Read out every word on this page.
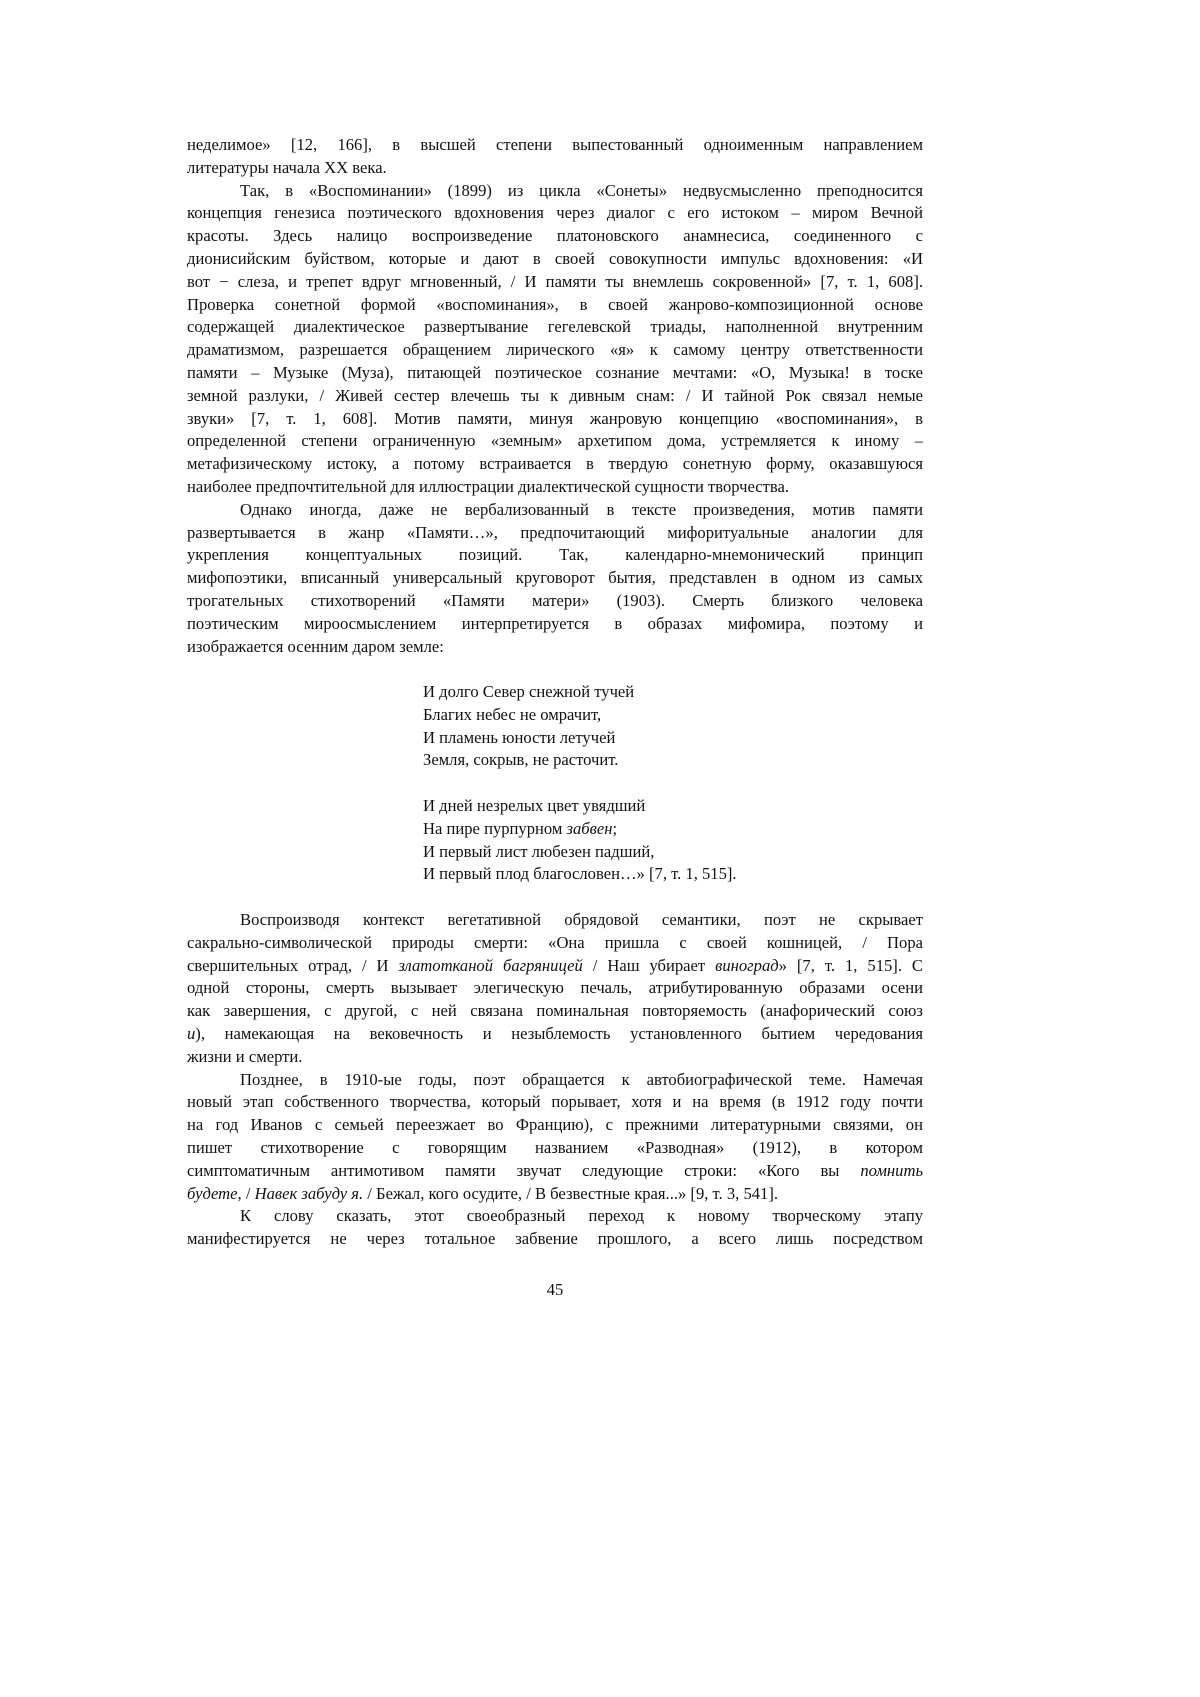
неделимое» [12, 166], в высшей степени выпестованный одноименным направлением
литературы начала XX века.
Так, в «Воспоминании» (1899) из цикла «Сонеты» недвусмысленно преподносится
концепция генезиса поэтического вдохновения через диалог с его истоком – миром Вечной
красоты. Здесь налицо воспроизведение платоновского анамнесиса, соединенного с
дионисийским буйством, которые и дают в своей совокупности импульс вдохновения: «И
вот − слеза, и трепет вдруг мгновенный, / И памяти ты внемлешь сокровенной» [7, т. 1, 608].
Проверка сонетной формой «воспоминания», в своей жанрово-композиционной основе
содержащей диалектическое развертывание гегелевской триады, наполненной внутренним
драматизмом, разрешается обращением лирического «я» к самому центру ответственности
памяти – Музыке (Муза), питающей поэтическое сознание мечтами: «О, Музыка! в тоске
земной разлуки, / Живей сестер влечешь ты к дивным снам: / И тайной Рок связал немые
звуки» [7, т. 1, 608]. Мотив памяти, минуя жанровую концепцию «воспоминания», в
определенной степени ограниченную «земным» архетипом дома, устремляется к иному –
метафизическому истоку, а потому встраивается в твердую сонетную форму, оказавшуюся
наиболее предпочтительной для иллюстрации диалектической сущности творчества.
Однако иногда, даже не вербализованный в тексте произведения, мотив памяти
развертывается в жанр «Памяти…», предпочитающий мифоритуальные аналогии для
укрепления концептуальных позиций. Так, календарно-мнемонический принцип
мифопоэтики, вписанный универсальный круговорот бытия, представлен в одном из самых
трогательных стихотворений «Памяти матери» (1903). Смерть близкого человека
поэтическим мироосмыслением интерпретируется в образах мифомира, поэтому и
изображается осенним даром земле:
И долго Север снежной тучей
Благих небес не омрачит,
И пламень юности летучей
Земля, сокрыв, не расточит.
И дней незрелых цвет увядший
На пире пурпурном забвен;
И первый лист любезен падший,
И первый плод благословен…» [7, т. 1, 515].
Воспроизводя контекст вегетативной обрядовой семантики, поэт не скрывает
сакрально-символической природы смерти: «Она пришла с своей кошницей, / Пора
свершительных отрад, / И златотканой багряницей / Наш убирает виноград» [7, т. 1, 515]. С
одной стороны, смерть вызывает элегическую печаль, атрибутированную образами осени
как завершения, с другой, с ней связана поминальная повторяемость (анафорический союз
и), намекающая на вековечность и незыблемость установленного бытием чередования
жизни и смерти.
Позднее, в 1910-ые годы, поэт обращается к автобиографической теме. Намечая
новый этап собственного творчества, который порывает, хотя и на время (в 1912 году почти
на год Иванов с семьей переезжает во Францию), с прежними литературными связями, он
пишет стихотворение с говорящим названием «Разводная» (1912), в котором
симптоматичным антимотивом памяти звучат следующие строки: «Кого вы помнить
будете, / Навек забуду я. / Бежал, кого осудите, / В безвестные края...» [9, т. 3, 541].
К слову сказать, этот своеобразный переход к новому творческому этапу
манифестируется не через тотальное забвение прошлого, а всего лишь посредством
45
